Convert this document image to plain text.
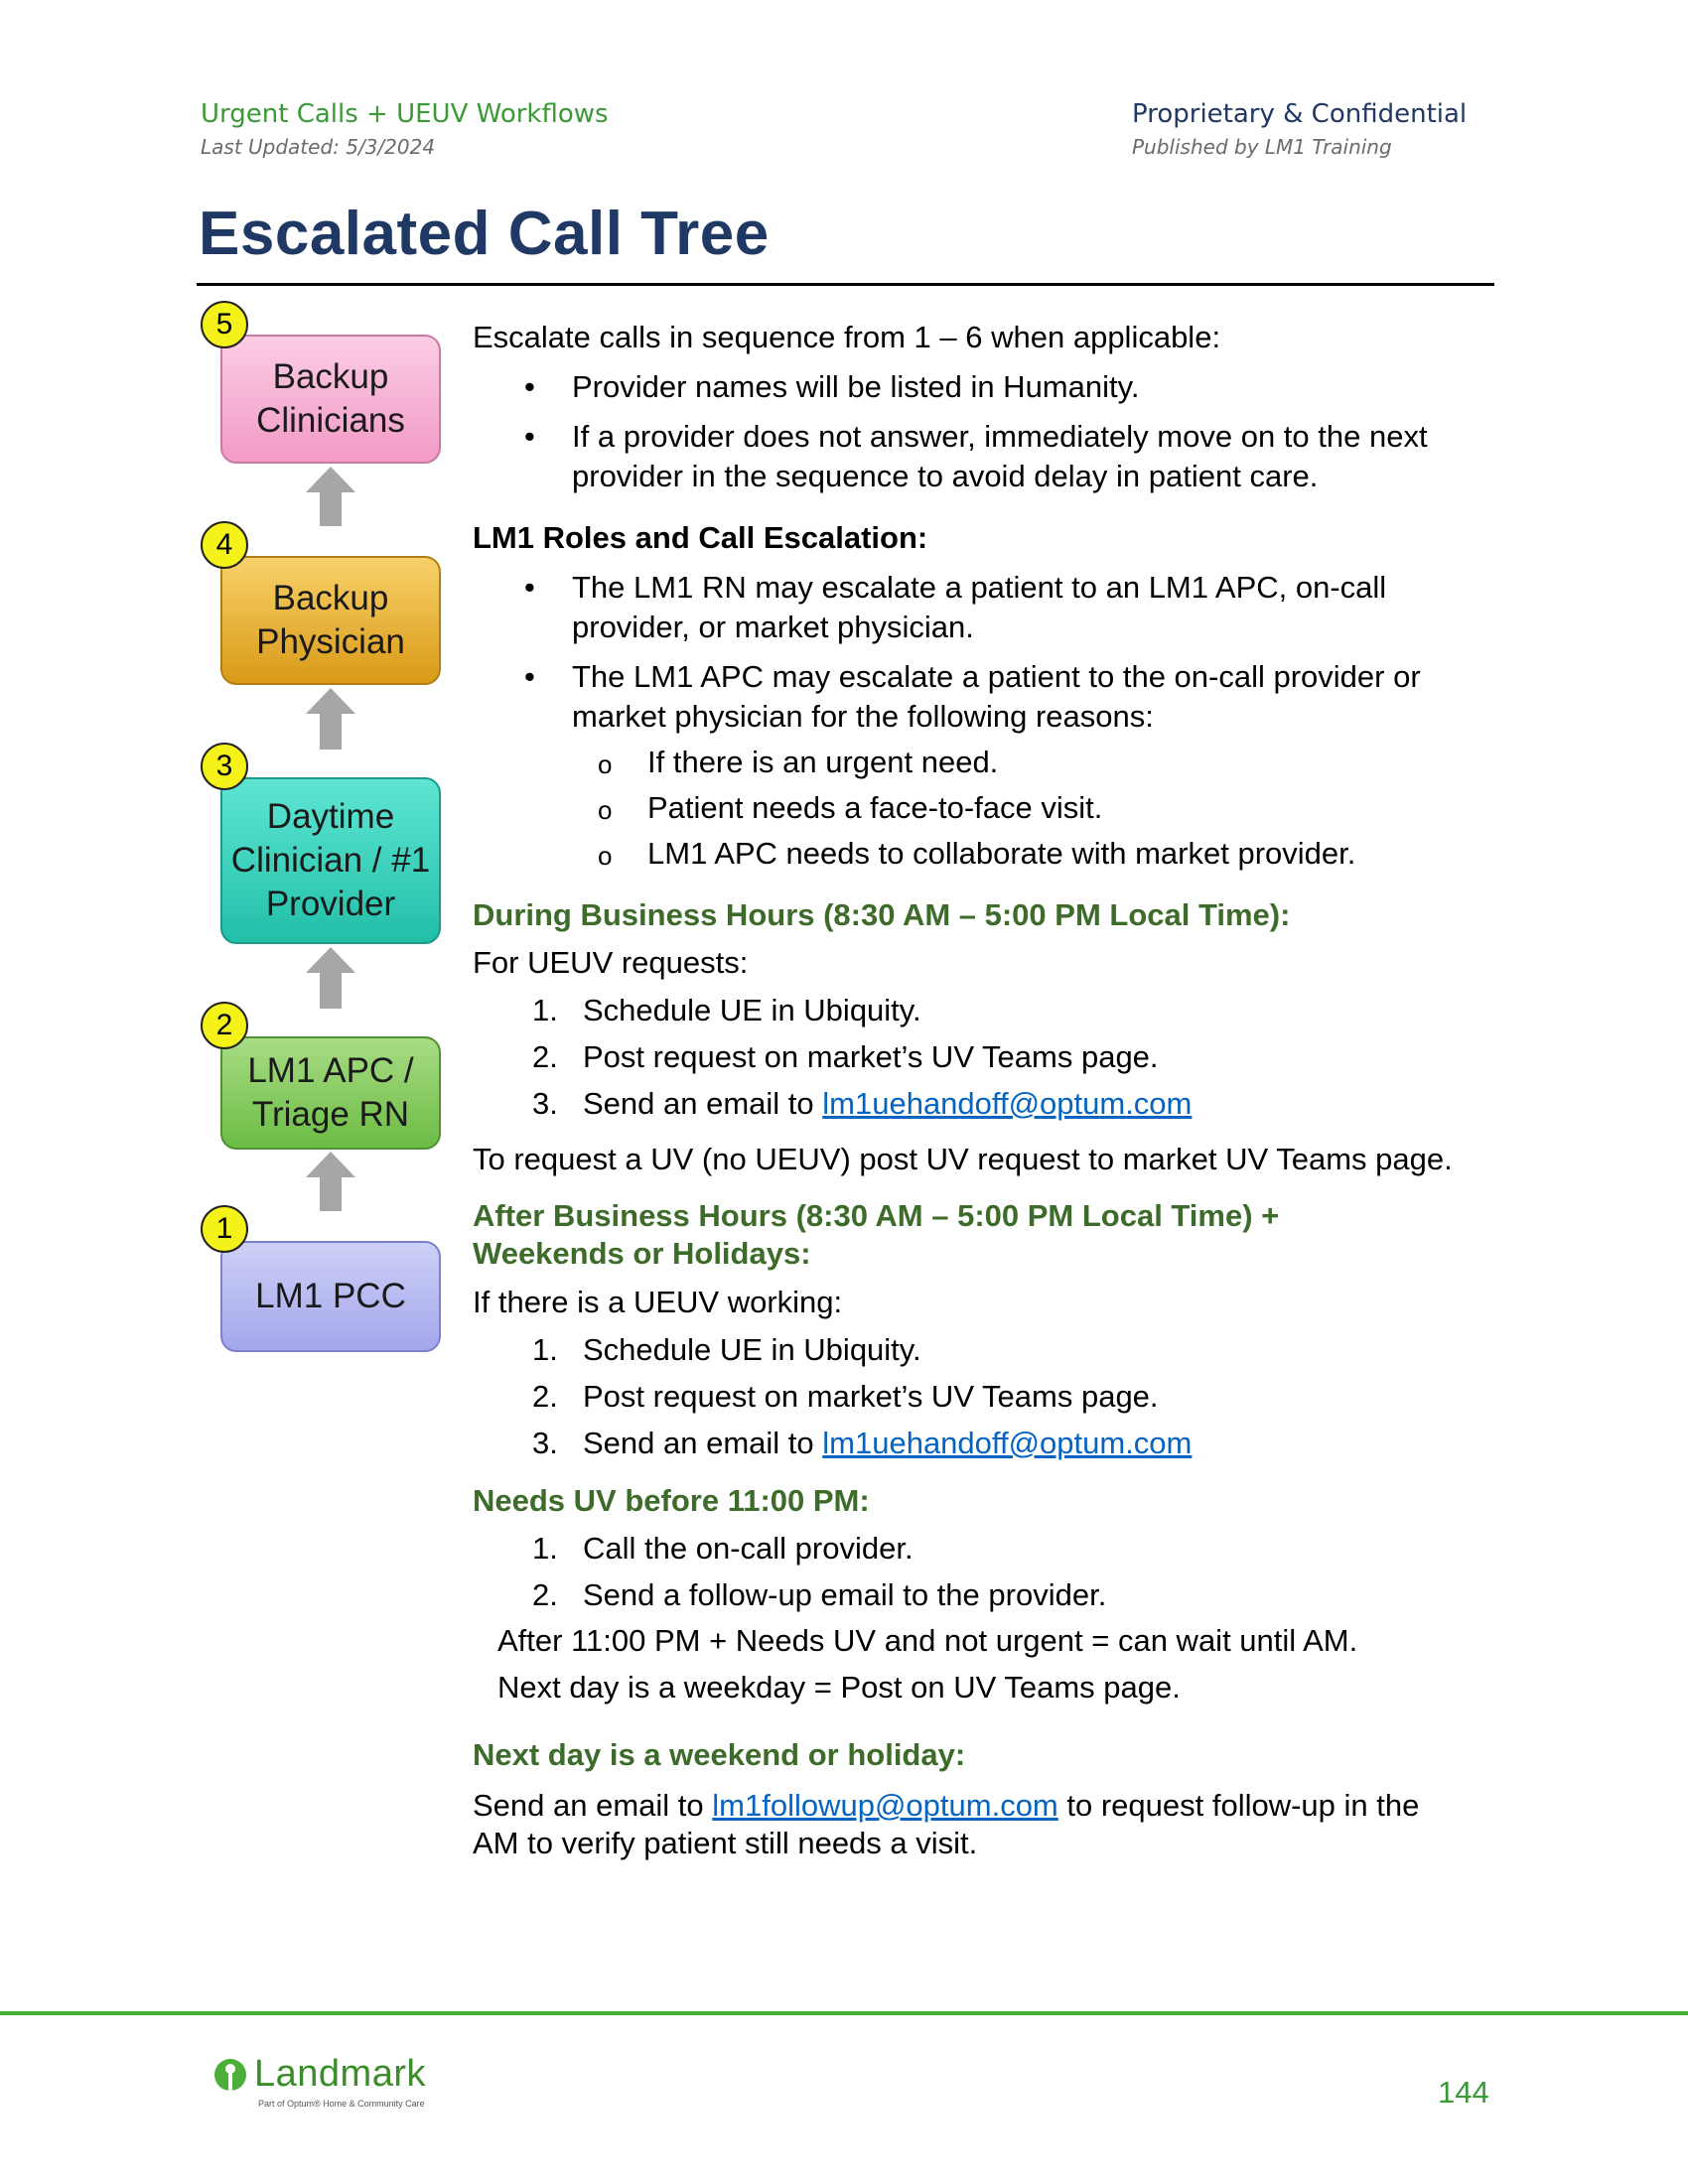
Urgent Calls + UEUV Workflows
Last Updated: 5/3/2024
Proprietary & Confidential
Published by LM1 Training
Escalated Call Tree
Backup
Clinicians
5
Backup
Physician
4
Daytime
Clinician / #1
Provider
3
LM1 APC /
Triage RN
2
LM1 PCC
1

Escalate calls in sequence from 1 – 6 when applicable:

• Provider names will be listed in Humanity.
• If a provider does not answer, immediately move on to the next provider in the sequence to avoid delay in patient care.

LM1 Roles and Call Escalation:

• The LM1 RN may escalate a patient to an LM1 APC, on-call provider, or market physician.
• The LM1 APC may escalate a patient to the on-call provider or market physician for the following reasons:
o If there is an urgent need.
o Patient needs a face-to-face visit.
o LM1 APC needs to collaborate with market provider.

During Business Hours (8:30 AM – 5:00 PM Local Time):

For UEUV requests:

1. Schedule UE in Ubiquity.
2. Post request on market’s UV Teams page.
3. Send an email to lm1uehandoff@optum.com

To request a UV (no UEUV) post UV request to market UV Teams page.

After Business Hours (8:30 AM – 5:00 PM Local Time) +
Weekends or Holidays:

If there is a UEUV working:

1. Schedule UE in Ubiquity.
2. Post request on market’s UV Teams page.
3. Send an email to lm1uehandoff@optum.com

Needs UV before 11:00 PM:

1. Call the on-call provider.
2. Send a follow-up email to the provider.

After 11:00 PM + Needs UV and not urgent = can wait until AM.

Next day is a weekday = Post on UV Teams page.

Next day is a weekend or holiday:

Send an email to lm1followup@optum.com to request follow-up in the AM to verify patient still needs a visit.

Landmark
Part of Optum® Home & Community Care	144
